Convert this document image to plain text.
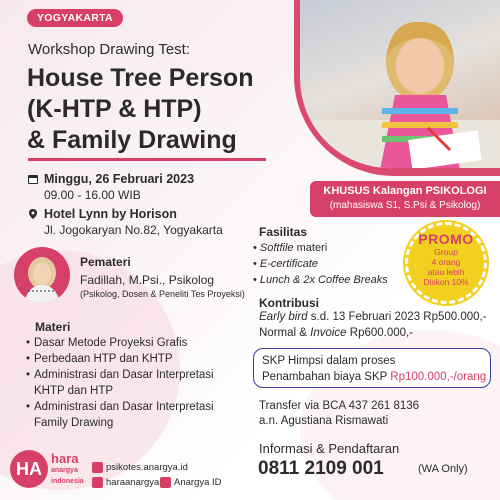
YOGYAKARTA
Workshop Drawing Test:
House Tree Person
(K-HTP & HTP)
& Family Drawing
KHUSUS Kalangan PSIKOLOGI
(mahasiswa S1, S.Psi & Psikolog)
PROMO
Group
4 orang
atau lebih
Diskon 10%
Minggu, 26 Februari 2023
09.00 - 16.00 WIB
Hotel Lynn by Horison
Jl. Jogokaryan No.82, Yogyakarta
Pemateri
Fadillah, M.Psi., Psikolog
(Psikolog, Dosen & Peneliti Tes Proyeksi)
Materi
• Dasar Metode Proyeksi Grafis
• Perbedaan HTP dan KHTP
• Administrasi dan Dasar Interpretasi KHTP dan HTP
• Administrasi dan Dasar Interpretasi Family Drawing
Fasilitas
• Softfile materi
• E-certificate
• Lunch & 2x Coffee Breaks
Kontribusi
Early bird s.d. 13 Februari 2023 Rp500.000,-
Normal & Invoice Rp600.000,-
SKP Himpsi dalam proses
Penambahan biaya SKP Rp100.000,-/orang
Transfer via BCA 437 261 8136
a.n. Agustiana Rismawati
Informasi & Pendaftaran
0811 2109 001	(WA Only)
HA
hara
anargya
indonesia
psikotes.anargya.id
haraanargya Anargya ID
